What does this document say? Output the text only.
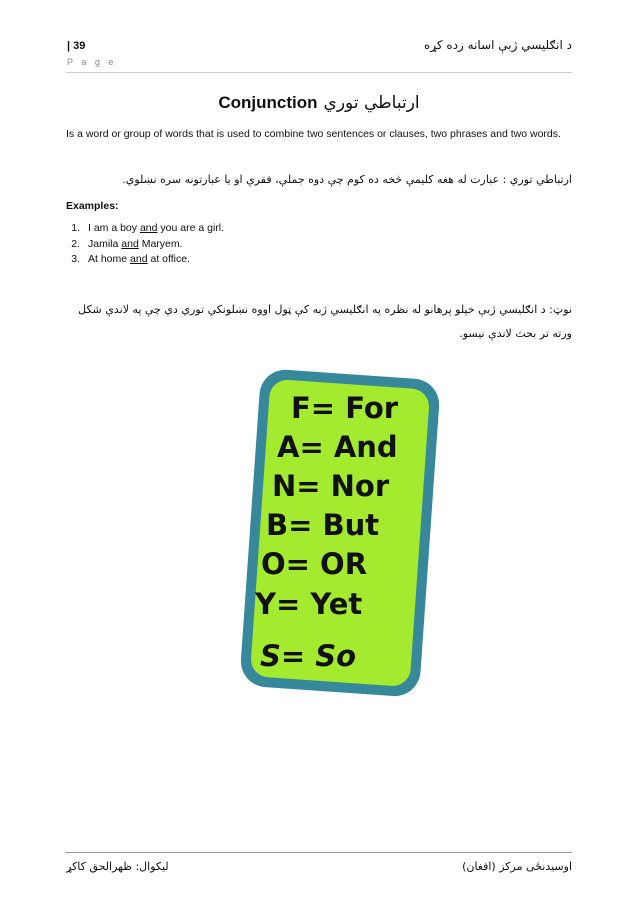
| 39
P a g e
د انګليسي ژبې اسانه زده کړه
Conjunction ارتباطي توري
Is a word or group of words that is used to combine two sentences or clauses, two phrases and two words.
ارتباطي توري : عبارت له هغه کليمې څخه ده کوم چې دوه جملې، فقرې او يا عبارتونه سره نښلوي.
Examples:
1. I am a boy and you are a girl.
2. Jamila and Maryem.
3. At home and at office.
نوټ: د انګليسي ژبې خپلو پرهانو له نظره په انګليسي ژبه کې ټول اووه نښلونکي توري دي چې په لاندې شکل ورته تر بحث لاندې نيسو.
F= For
A= And
N= Nor
B= But
O= OR
Y= Yet
S= So
ليکوال: ظهرالحق کاکړ	اوسيدنځی مرکز (افغان)
